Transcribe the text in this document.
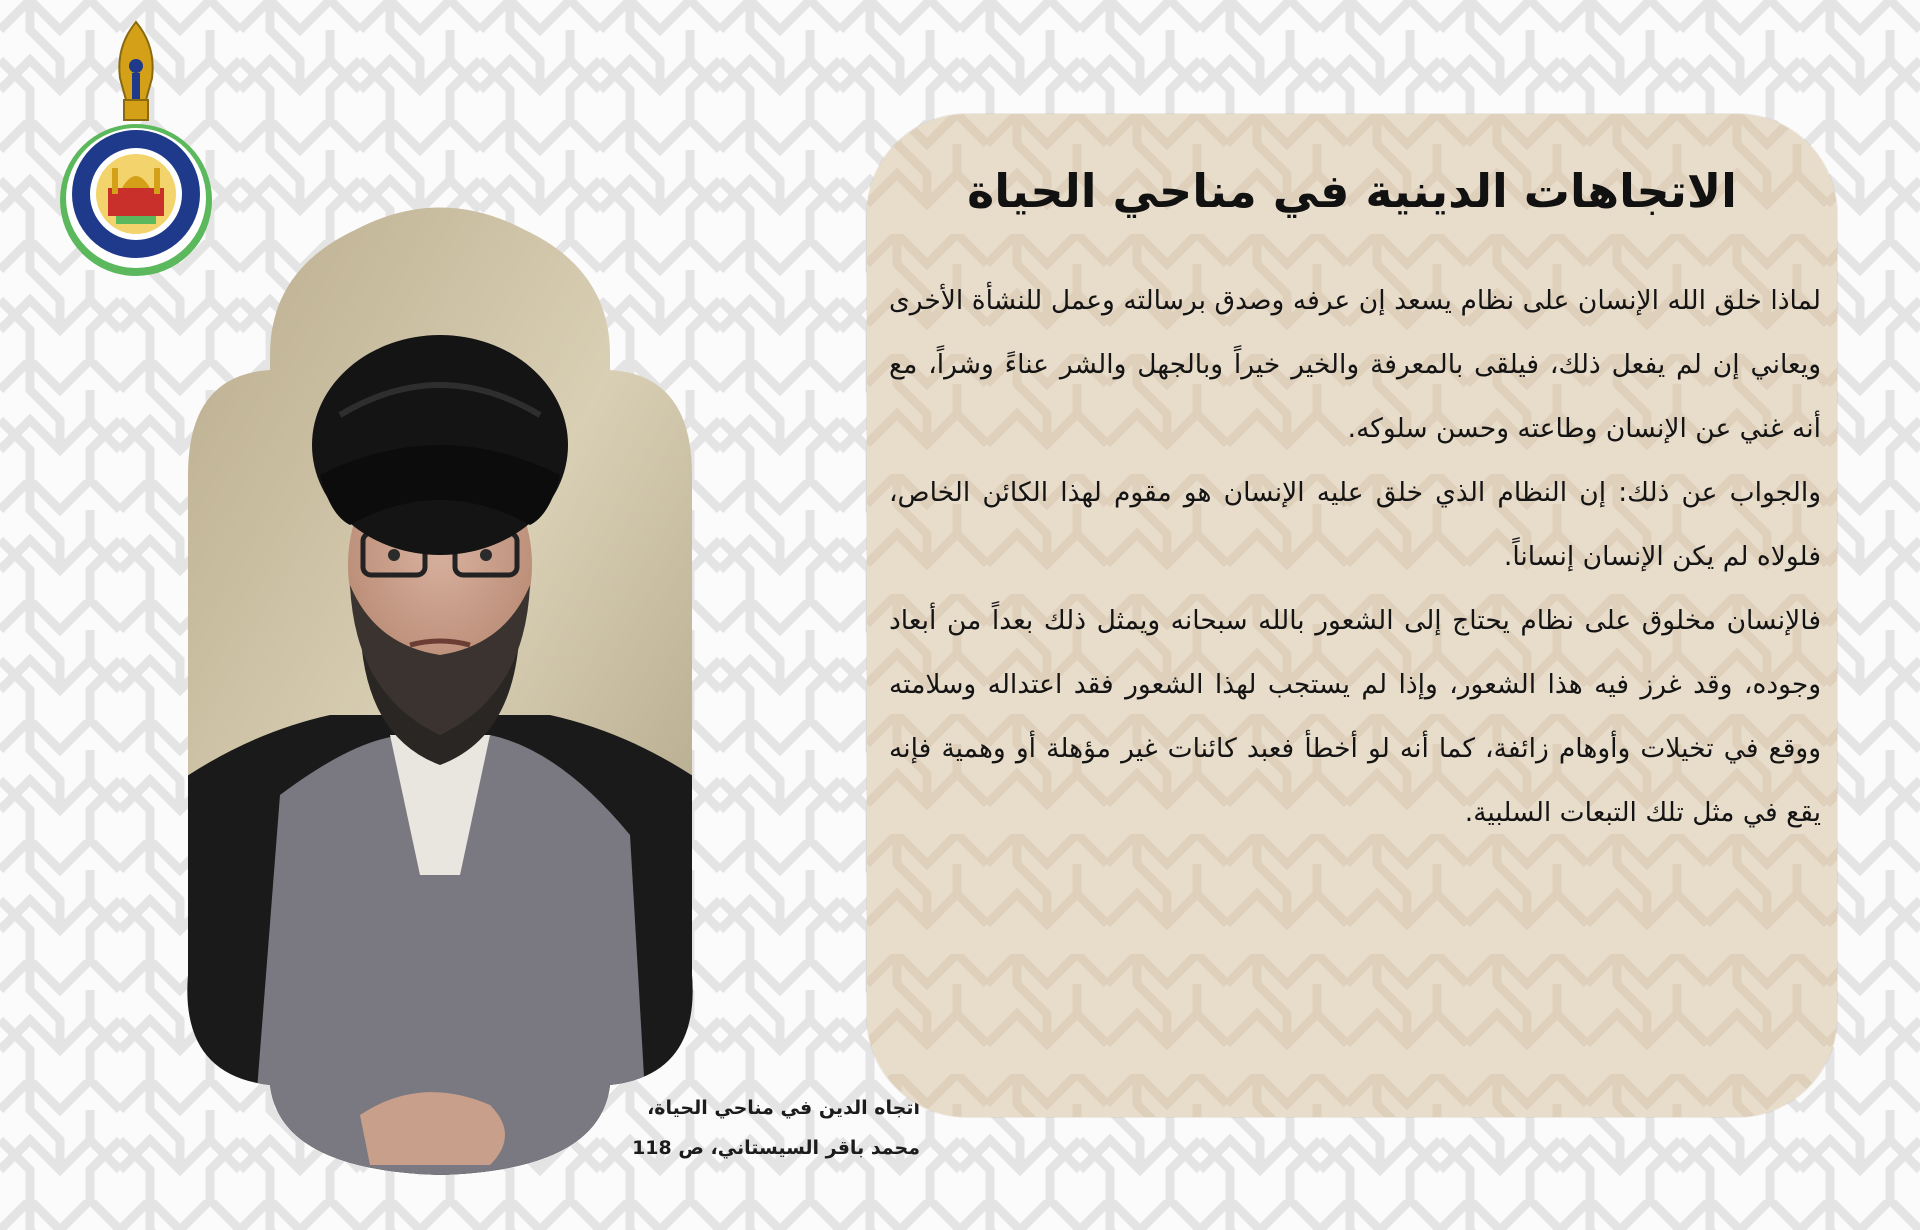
اتجاه الدين في مناحي الحياة،
محمد باقر السيستاني، ص 118
الاتجاهات الدينية في مناحي الحياة

لماذا خلق الله الإنسان على نظام يسعد إن عرفه وصدق برسالته وعمل للنشأة الأخرى ويعاني إن لم يفعل ذلك، فيلقى بالمعرفة والخير خيراً وبالجهل والشر عناءً وشراً، مع أنه غني عن الإنسان وطاعته وحسن سلوكه.

والجواب عن ذلك: إن النظام الذي خلق عليه الإنسان هو مقوم لهذا الكائن الخاص، فلولاه لم يكن الإنسان إنساناً.

فالإنسان مخلوق على نظام يحتاج إلى الشعور بالله سبحانه ويمثل ذلك بعداً من أبعاد وجوده، وقد غرز فيه هذا الشعور، وإذا لم يستجب لهذا الشعور فقد اعتداله وسلامته ووقع في تخيلات وأوهام زائفة، كما أنه لو أخطأ فعبد كائنات غير مؤهلة أو وهمية فإنه يقع في مثل تلك التبعات السلبية.
